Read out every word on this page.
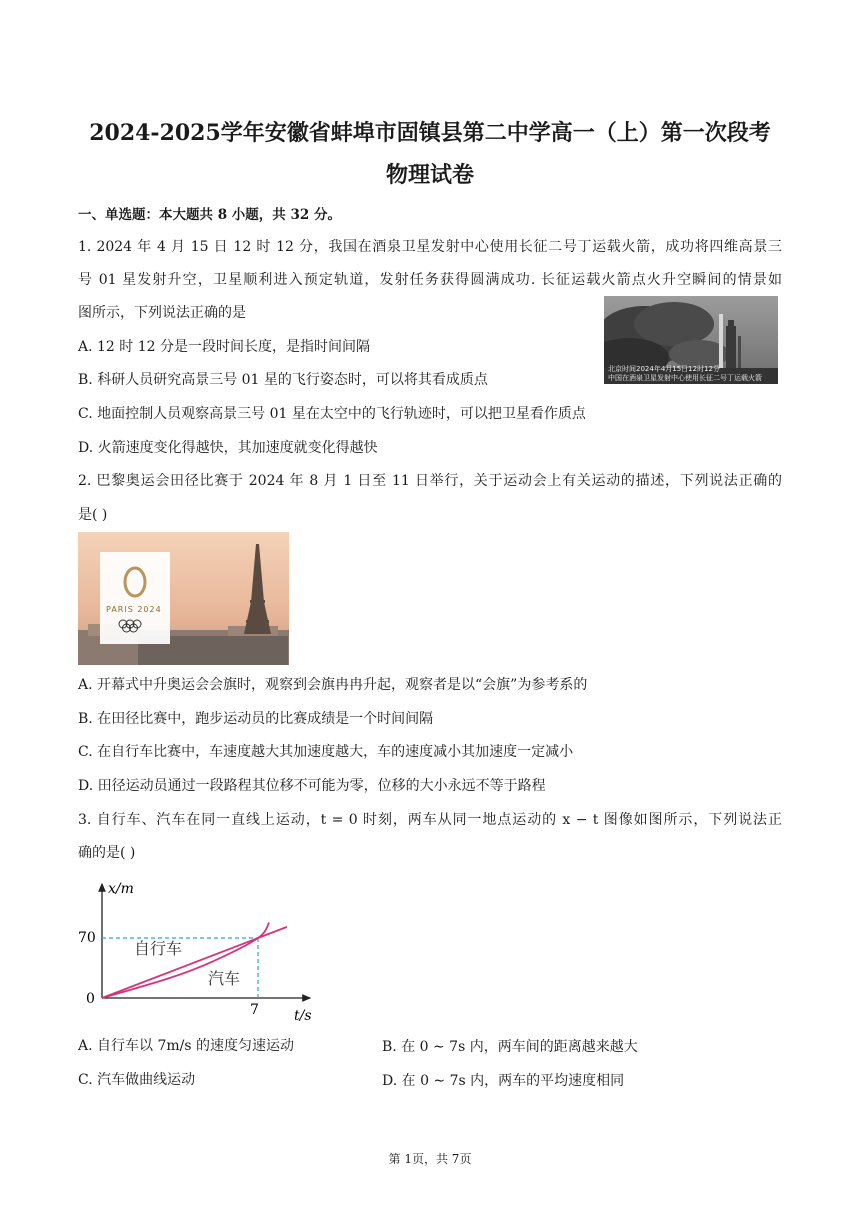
2024-2025学年安徽省蚌埠市固镇县第二中学高一（上）第一次段考
物理试卷
一、单选题：本大题共 8 小题，共 32 分。
1. 2024 年 4 月 15 日 12 时 12 分，我国在酒泉卫星发射中心使用长征二号丁运载火箭，成功将四维高景三
号 01 星发射升空，卫星顺利进入预定轨道，发射任务获得圆满成功. 长征运载火箭点火升空瞬间的情景如
图所示，下列说法正确的是
A. 12 时 12 分是一段时间长度，是指时间间隔
B. 科研人员研究高景三号 01 星的飞行姿态时，可以将其看成质点
C. 地面控制人员观察高景三号 01 星在太空中的飞行轨迹时，可以把卫星看作质点
D. 火箭速度变化得越快，其加速度就变化得越快
北京时间2024年4月15日12时12分
中国在酒泉卫星发射中心使用长征二号丁运载火箭
2. 巴黎奥运会田径比赛于 2024 年 8 月 1 日至 11 日举行，关于运动会上有关运动的描述，下列说法正确的
是( )
PARIS 2024
A. 开幕式中升奥运会会旗时，观察到会旗冉冉升起，观察者是以“会旗”为参考系的
B. 在田径比赛中，跑步运动员的比赛成绩是一个时间间隔
C. 在自行车比赛中，车速度越大其加速度越大，车的速度减小其加速度一定减小
D. 田径运动员通过一段路程其位移不可能为零，位移的大小永远不等于路程
3. 自行车、汽车在同一直线上运动，t = 0 时刻，两车从同一地点运动的 x − t 图像如图所示，下列说法正
确的是( )
x/m
t/s
0
7
70
自行车
汽车
A. 自行车以 7m/s 的速度匀速运动	B. 在 0 ∼ 7s 内，两车间的距离越来越大
C. 汽车做曲线运动	D. 在 0 ∼ 7s 内，两车的平均速度相同
第 1页，共 7页
